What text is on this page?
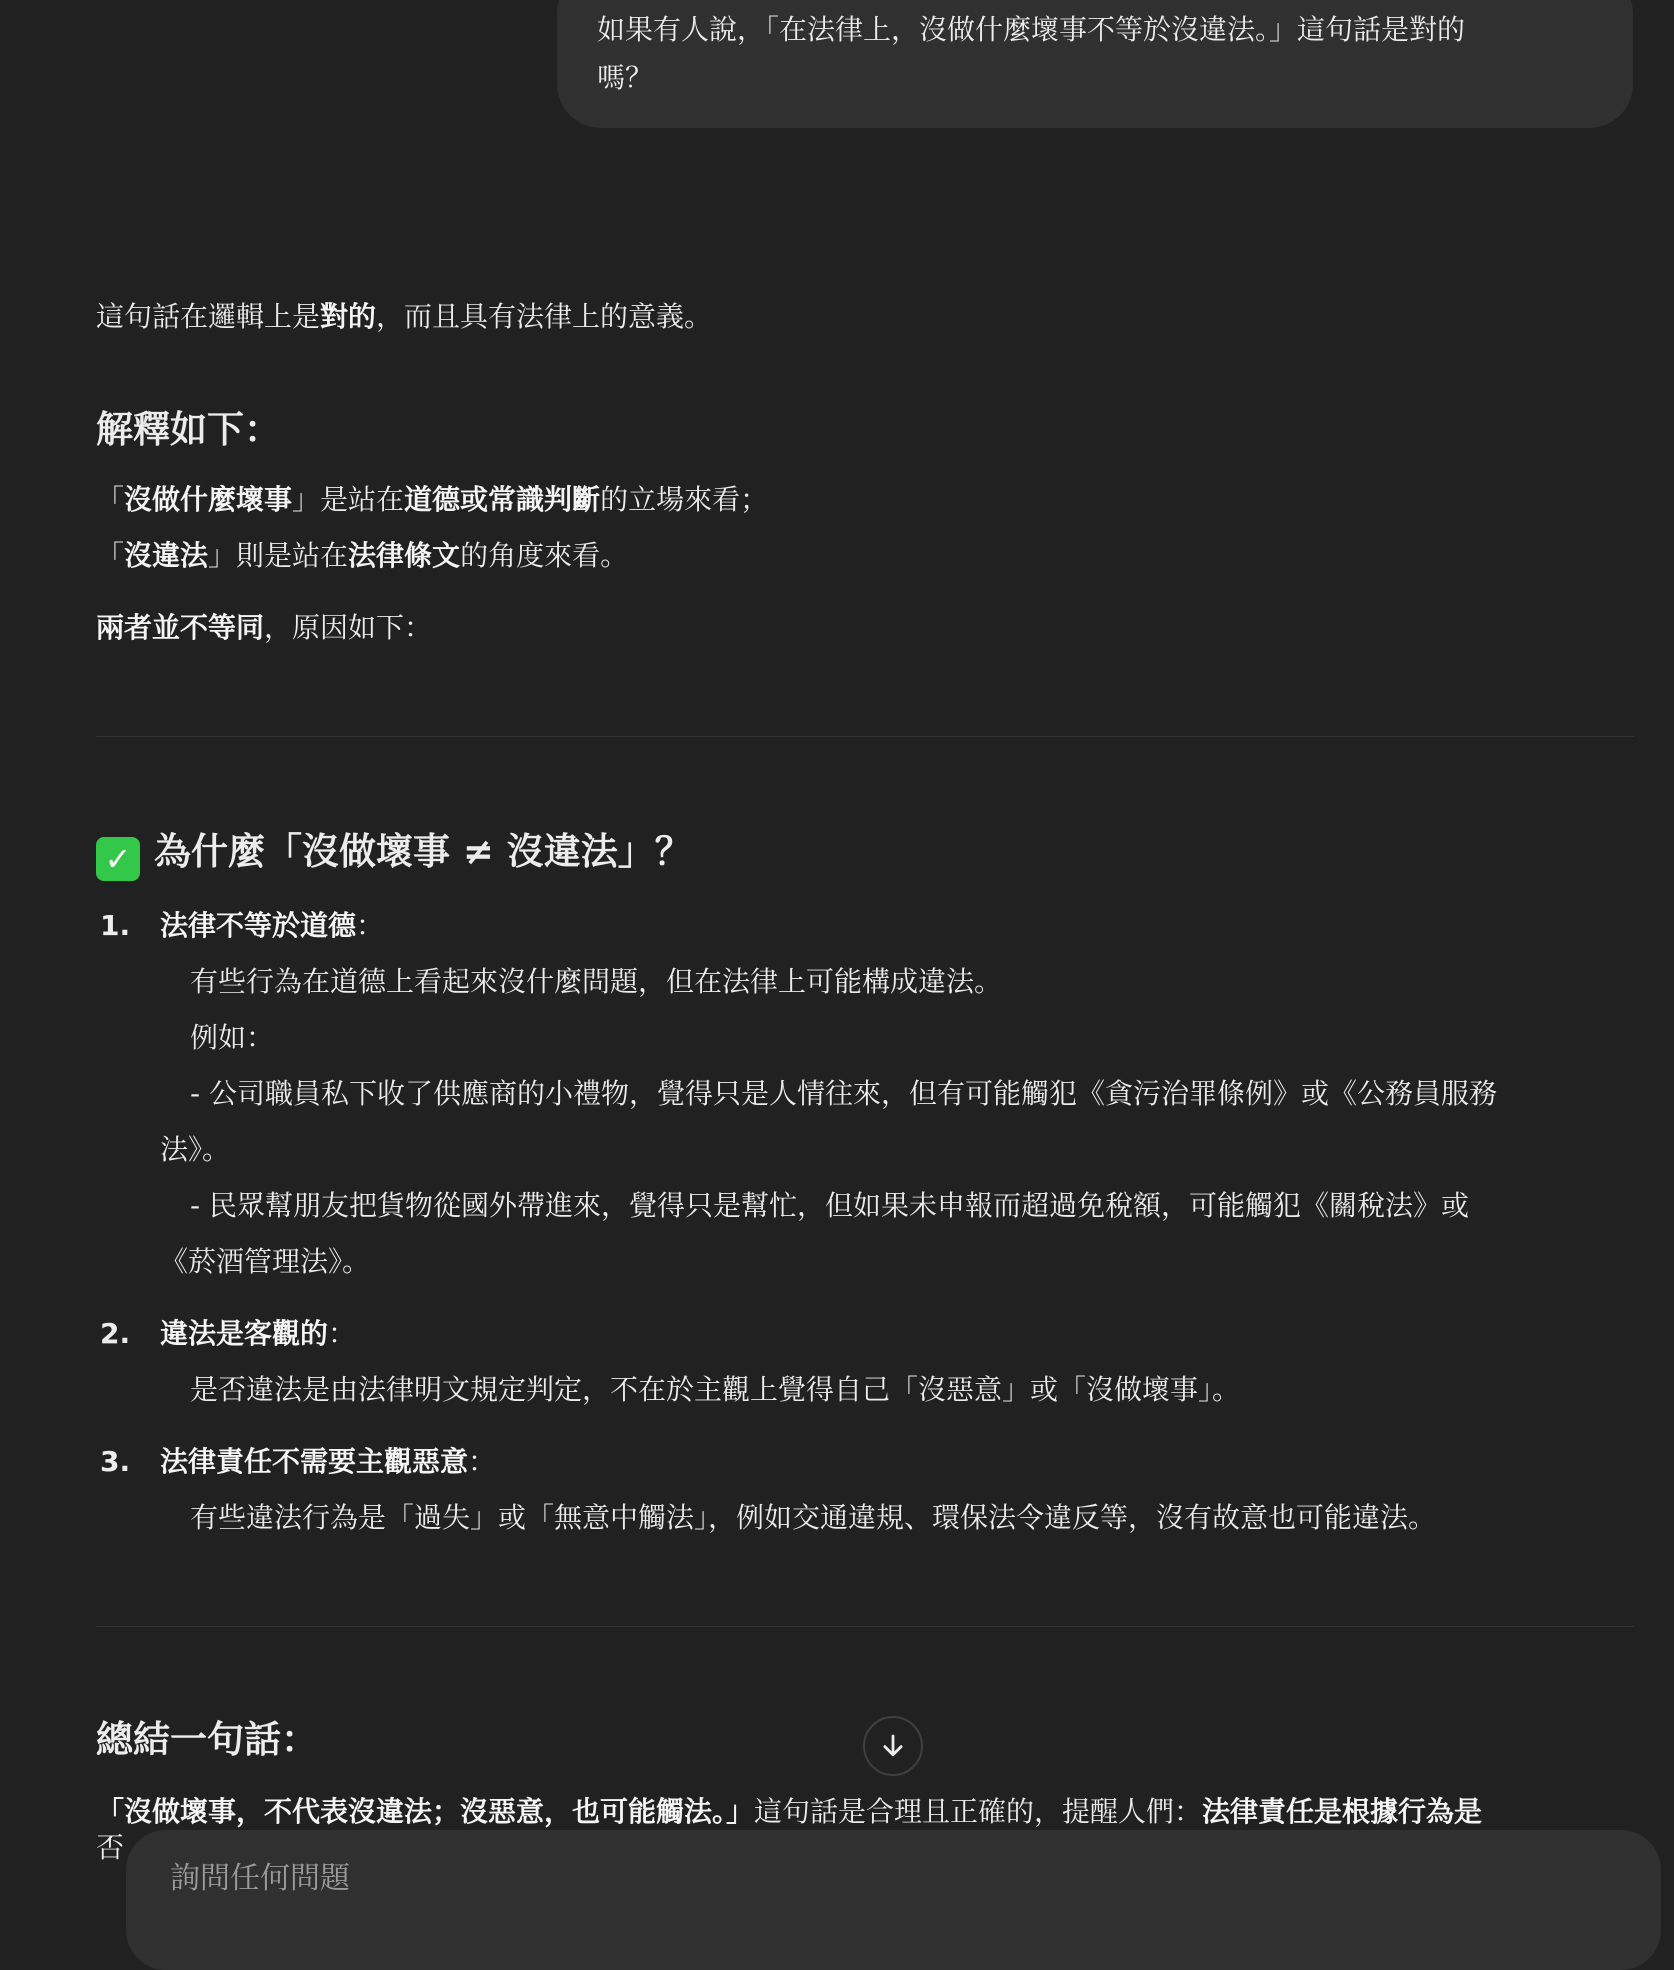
如果有人說，「在法律上，沒做什麼壞事不等於沒違法。」這句話是對的
嗎？

這句話在邏輯上是對的，而且具有法律上的意義。

解釋如下：

「沒做什麼壞事」是站在道德或常識判斷的立場來看；

「沒違法」則是站在法律條文的角度來看。

兩者並不等同，原因如下：

✓ 為什麼「沒做壞事 ≠ 沒違法」？

1. 法律不等於道德：

有些行為在道德上看起來沒什麼問題，但在法律上可能構成違法。

例如：

- 公司職員私下收了供應商的小禮物，覺得只是人情往來，但有可能觸犯《貪污治罪條例》或《公務員服務

法》。

- 民眾幫朋友把貨物從國外帶進來，覺得只是幫忙，但如果未申報而超過免稅額，可能觸犯《關稅法》或

《菸酒管理法》。

2. 違法是客觀的：

是否違法是由法律明文規定判定，不在於主觀上覺得自己「沒惡意」或「沒做壞事」。

3. 法律責任不需要主觀惡意：

有些違法行為是「過失」或「無意中觸法」，例如交通違規、環保法令違反等，沒有故意也可能違法。

總結一句話：

「沒做壞事，不代表沒違法；沒惡意，也可能觸法。」這句話是合理且正確的，提醒人們：法律責任是根據行為是

否

詢問任何問題
